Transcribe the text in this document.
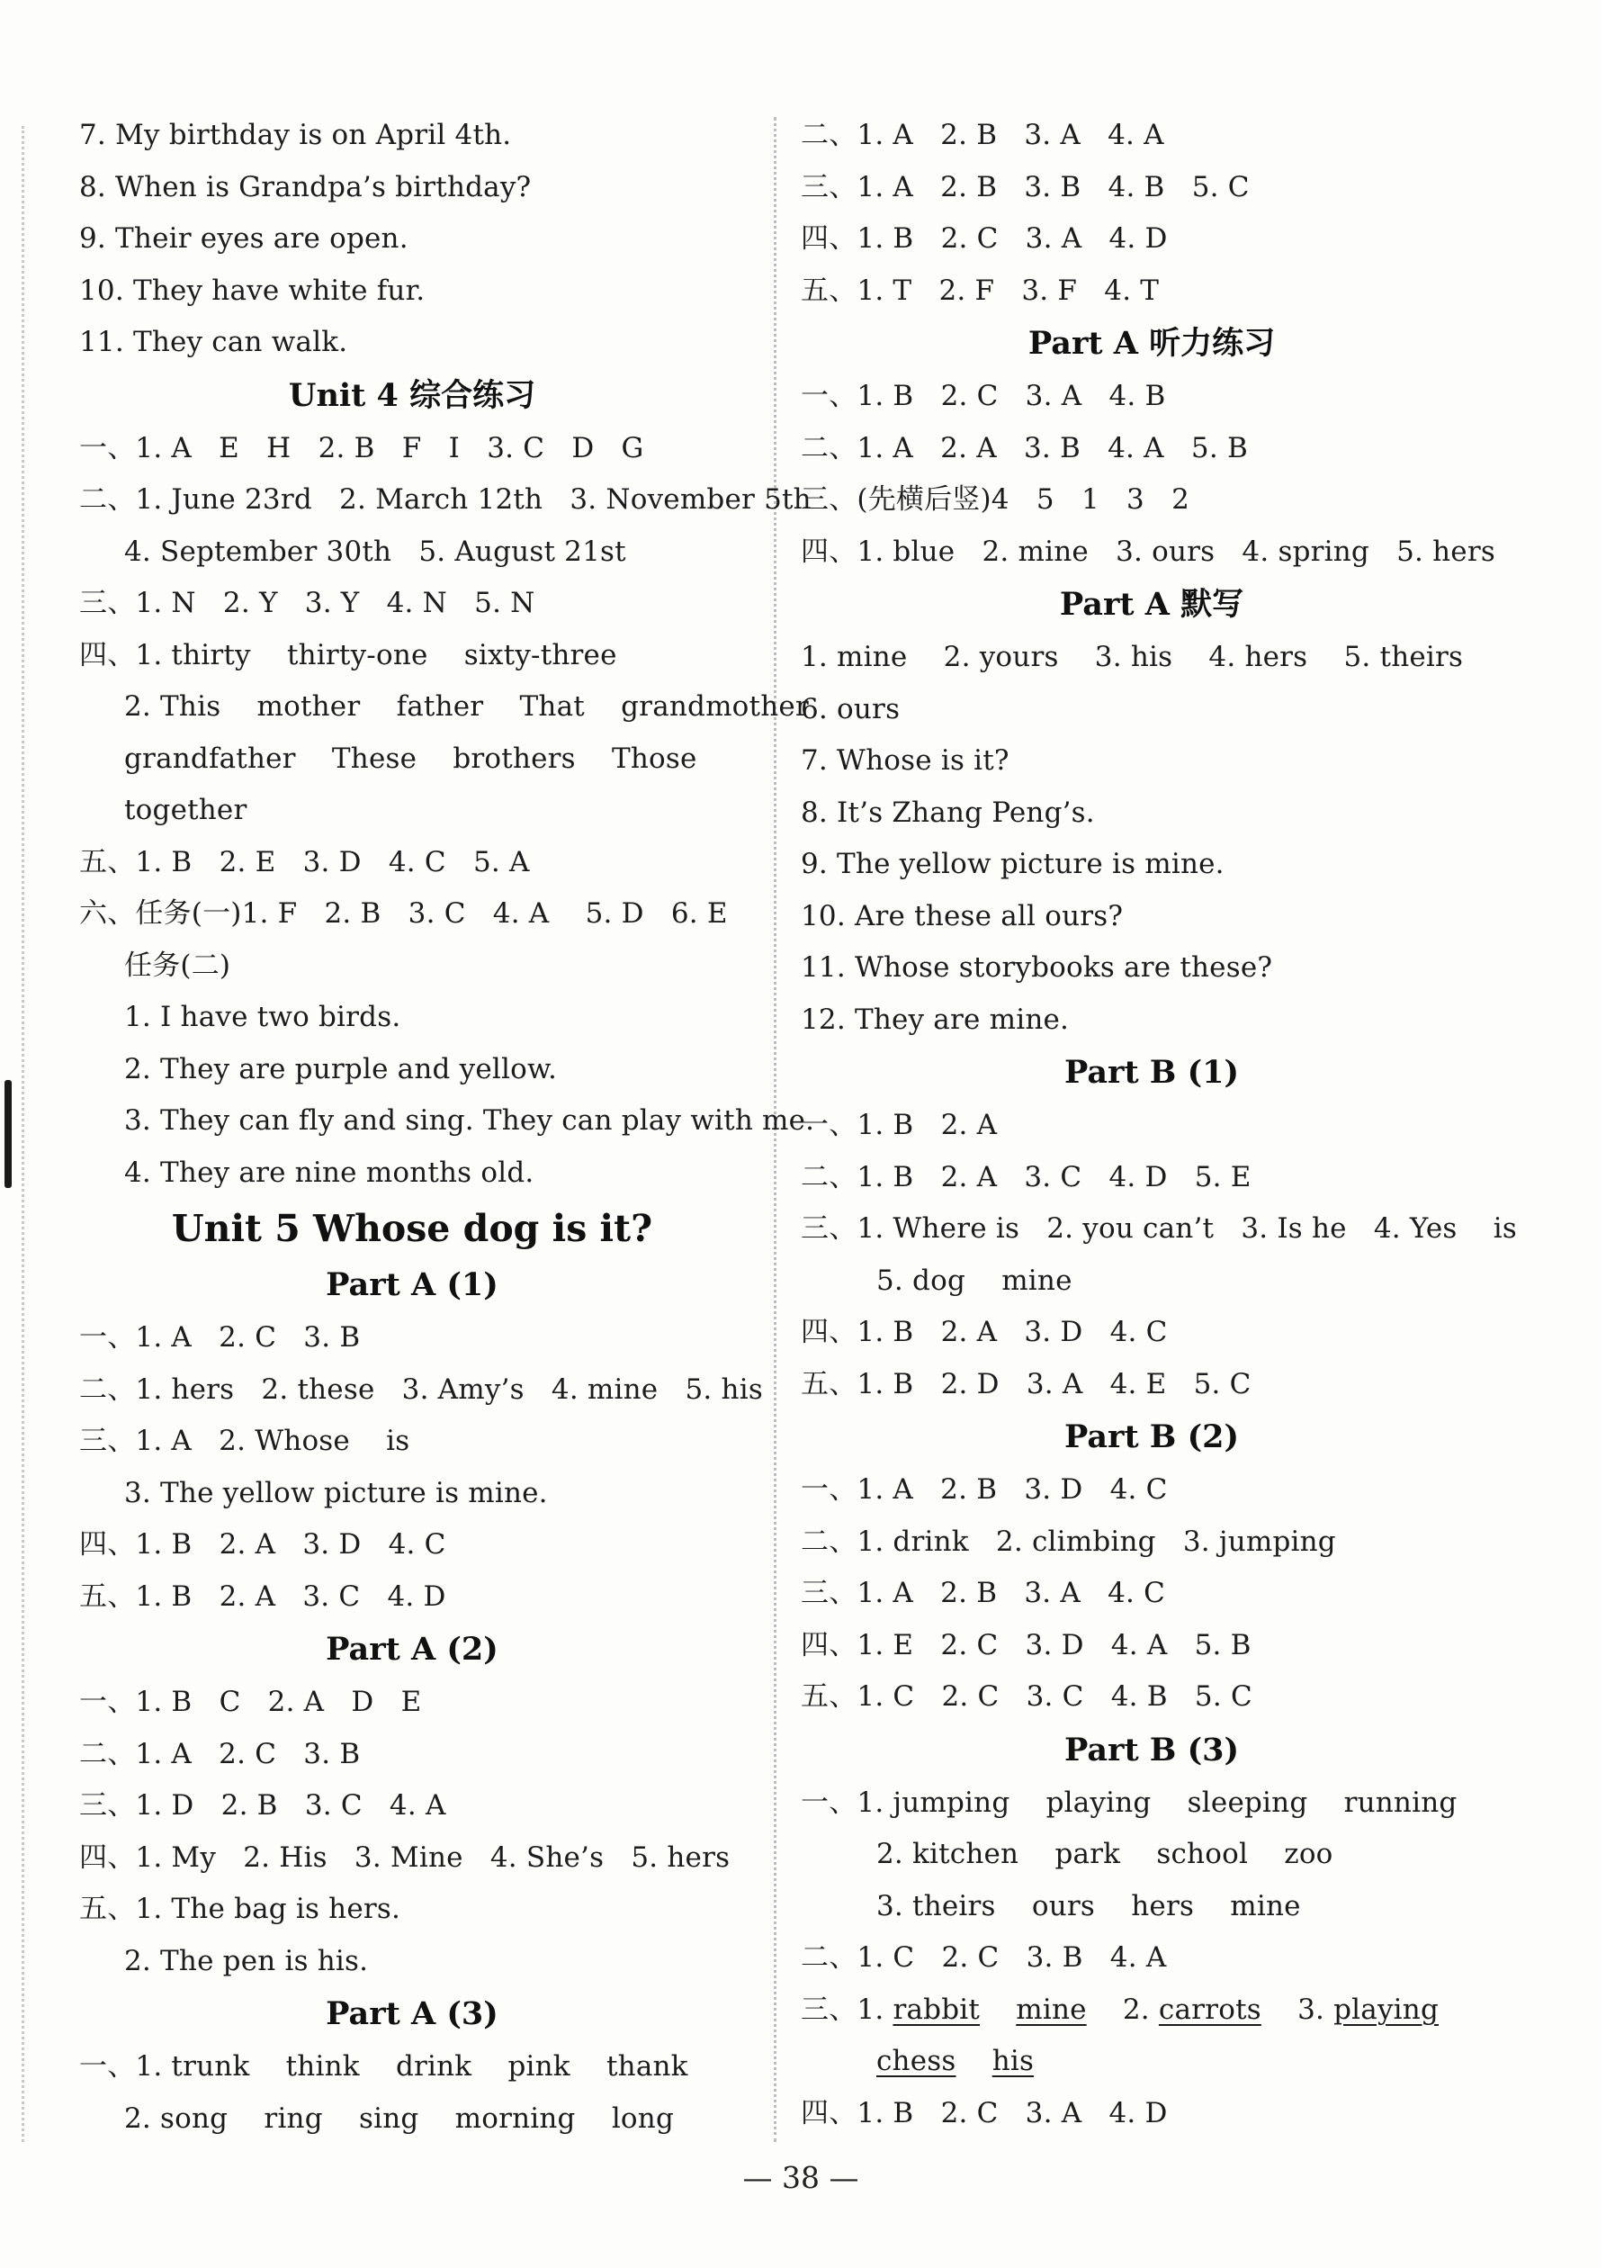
7. My birthday is on April 4th.
8. When is Grandpa’s birthday?
9. Their eyes are open.
10. They have white fur.
11. They can walk.
Unit 4 综合练习
一、1. A   E   H   2. B   F   I   3. C   D   G
二、1. June 23rd   2. March 12th   3. November 5th
4. September 30th   5. August 21st
三、1. N   2. Y   3. Y   4. N   5. N
四、1. thirty    thirty-one    sixty-three
2. This    mother    father    That    grandmother
grandfather    These    brothers    Those
together
五、1. B   2. E   3. D   4. C   5. A
六、任务(一)1. F   2. B   3. C   4. A    5. D   6. E
任务(二)
1. I have two birds.
2. They are purple and yellow.
3. They can fly and sing. They can play with me.
4. They are nine months old.
Unit 5 Whose dog is it?
Part A (1)
一、1. A   2. C   3. B
二、1. hers   2. these   3. Amy’s   4. mine   5. his
三、1. A   2. Whose    is
3. The yellow picture is mine.
四、1. B   2. A   3. D   4. C
五、1. B   2. A   3. C   4. D
Part A (2)
一、1. B   C   2. A   D   E
二、1. A   2. C   3. B
三、1. D   2. B   3. C   4. A
四、1. My   2. His   3. Mine   4. She’s   5. hers
五、1. The bag is hers.
2. The pen is his.
Part A (3)
一、1. trunk    think    drink    pink    thank
2. song    ring    sing    morning    long
二、1. A   2. B   3. A   4. A
三、1. A   2. B   3. B   4. B   5. C
四、1. B   2. C   3. A   4. D
五、1. T   2. F   3. F   4. T
Part A 听力练习
一、1. B   2. C   3. A   4. B
二、1. A   2. A   3. B   4. A   5. B
三、(先横后竖)4   5   1   3   2
四、1. blue   2. mine   3. ours   4. spring   5. hers
Part A 默写
1. mine    2. yours    3. his    4. hers    5. theirs
6. ours
7. Whose is it?
8. It’s Zhang Peng’s.
9. The yellow picture is mine.
10. Are these all ours?
11. Whose storybooks are these?
12. They are mine.
Part B (1)
一、1. B   2. A
二、1. B   2. A   3. C   4. D   5. E
三、1. Where is   2. you can’t   3. Is he   4. Yes    is
5. dog    mine
四、1. B   2. A   3. D   4. C
五、1. B   2. D   3. A   4. E   5. C
Part B (2)
一、1. A   2. B   3. D   4. C
二、1. drink   2. climbing   3. jumping
三、1. A   2. B   3. A   4. C
四、1. E   2. C   3. D   4. A   5. B
五、1. C   2. C   3. C   4. B   5. C
Part B (3)
一、1. jumping    playing    sleeping    running
2. kitchen    park    school    zoo
3. theirs    ours    hers    mine
二、1. C   2. C   3. B   4. A
三、1. rabbit mine 2. carrots 3. playing
chess his
四、1. B   2. C   3. A   4. D
— 38 —
